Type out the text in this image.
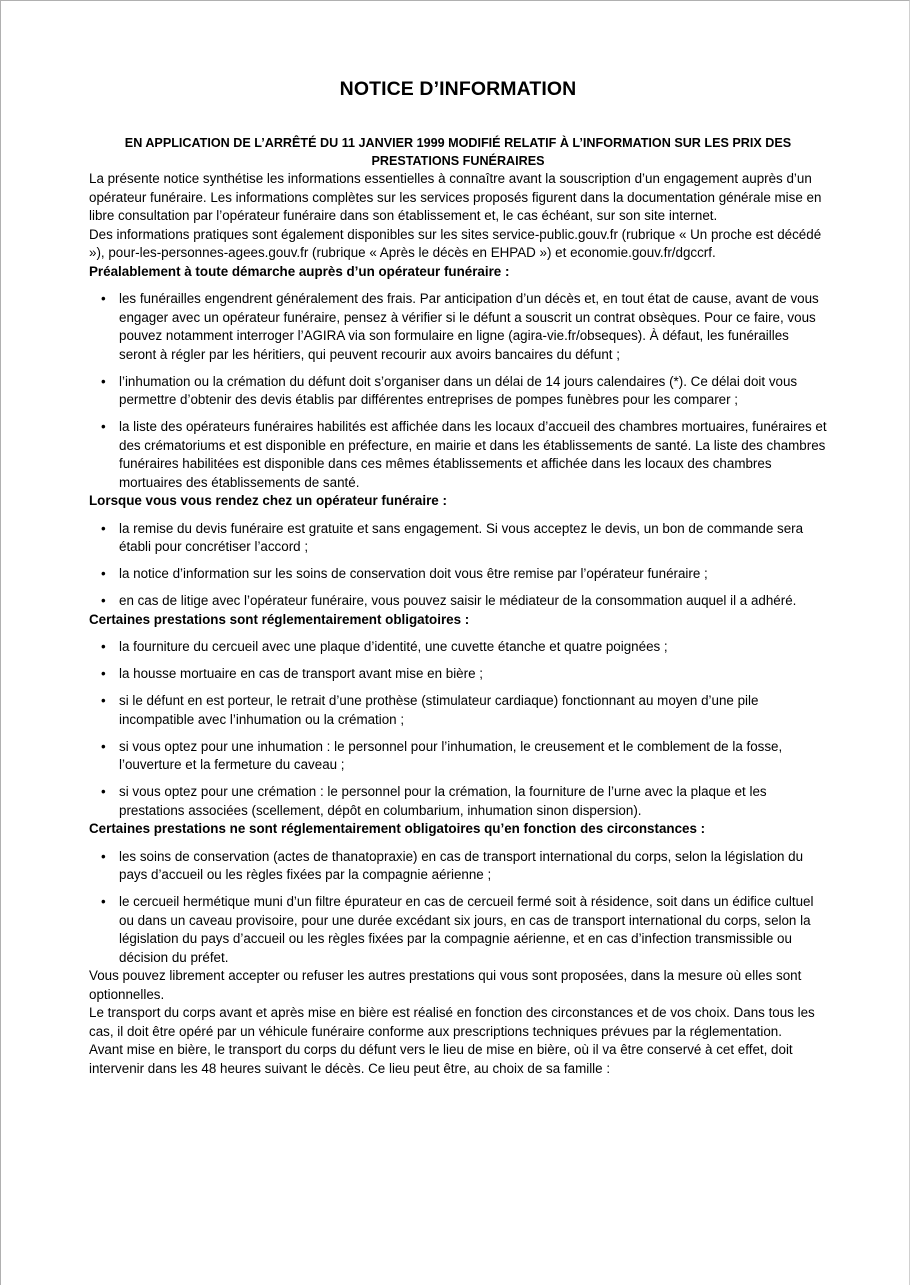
NOTICE D’INFORMATION
EN APPLICATION DE L’ARRÊTÉ DU 11 JANVIER 1999 MODIFIÉ RELATIF À L’INFORMATION SUR LES PRIX DES PRESTATIONS FUNÉRAIRES

La présente notice synthétise les informations essentielles à connaître avant la souscription d’un engagement auprès d’un opérateur funéraire. Les informations complètes sur les services proposés figurent dans la documentation générale mise en libre consultation par l’opérateur funéraire dans son établissement et, le cas échéant, sur son site internet.

Des informations pratiques sont également disponibles sur les sites service-public.gouv.fr (rubrique « Un proche est décédé »), pour-les-personnes-agees.gouv.fr (rubrique « Après le décès en EHPAD ») et economie.gouv.fr/dgccrf.

Préalablement à toute démarche auprès d’un opérateur funéraire :
• les funérailles engendrent généralement des frais. Par anticipation d’un décès et, en tout état de cause, avant de vous engager avec un opérateur funéraire, pensez à vérifier si le défunt a souscrit un contrat obsèques. Pour ce faire, vous pouvez notamment interroger l’AGIRA via son formulaire en ligne (agira-vie.fr/obseques). À défaut, les funérailles seront à régler par les héritiers, qui peuvent recourir aux avoirs bancaires du défunt ;
• l’inhumation ou la crémation du défunt doit s’organiser dans un délai de 14 jours calendaires (*). Ce délai doit vous permettre d’obtenir des devis établis par différentes entreprises de pompes funèbres pour les comparer ;
• la liste des opérateurs funéraires habilités est affichée dans les locaux d’accueil des chambres mortuaires, funéraires et des crématoriums et est disponible en préfecture, en mairie et dans les établissements de santé. La liste des chambres funéraires habilitées est disponible dans ces mêmes établissements et affichée dans les locaux des chambres mortuaires des établissements de santé.
Lorsque vous vous rendez chez un opérateur funéraire :
• la remise du devis funéraire est gratuite et sans engagement. Si vous acceptez le devis, un bon de commande sera établi pour concrétiser l’accord ;
• la notice d’information sur les soins de conservation doit vous être remise par l’opérateur funéraire ;
• en cas de litige avec l’opérateur funéraire, vous pouvez saisir le médiateur de la consommation auquel il a adhéré.
Certaines prestations sont réglementairement obligatoires :
• la fourniture du cercueil avec une plaque d’identité, une cuvette étanche et quatre poignées ;
• la housse mortuaire en cas de transport avant mise en bière ;
• si le défunt en est porteur, le retrait d’une prothèse (stimulateur cardiaque) fonctionnant au moyen d’une pile incompatible avec l’inhumation ou la crémation ;
• si vous optez pour une inhumation : le personnel pour l’inhumation, le creusement et le comblement de la fosse, l’ouverture et la fermeture du caveau ;
• si vous optez pour une crémation : le personnel pour la crémation, la fourniture de l’urne avec la plaque et les prestations associées (scellement, dépôt en columbarium, inhumation sinon dispersion).
Certaines prestations ne sont réglementairement obligatoires qu’en fonction des circonstances :
• les soins de conservation (actes de thanatopraxie) en cas de transport international du corps, selon la législation du pays d’accueil ou les règles fixées par la compagnie aérienne ;
• le cercueil hermétique muni d’un filtre épurateur en cas de cercueil fermé soit à résidence, soit dans un édifice cultuel ou dans un caveau provisoire, pour une durée excédant six jours, en cas de transport international du corps, selon la législation du pays d’accueil ou les règles fixées par la compagnie aérienne, et en cas d’infection transmissible ou décision du préfet.

Vous pouvez librement accepter ou refuser les autres prestations qui vous sont proposées, dans la mesure où elles sont optionnelles.

Le transport du corps avant et après mise en bière est réalisé en fonction des circonstances et de vos choix. Dans tous les cas, il doit être opéré par un véhicule funéraire conforme aux prescriptions techniques prévues par la réglementation.

Avant mise en bière, le transport du corps du défunt vers le lieu de mise en bière, où il va être conservé à cet effet, doit intervenir dans les 48 heures suivant le décès. Ce lieu peut être, au choix de sa famille :
